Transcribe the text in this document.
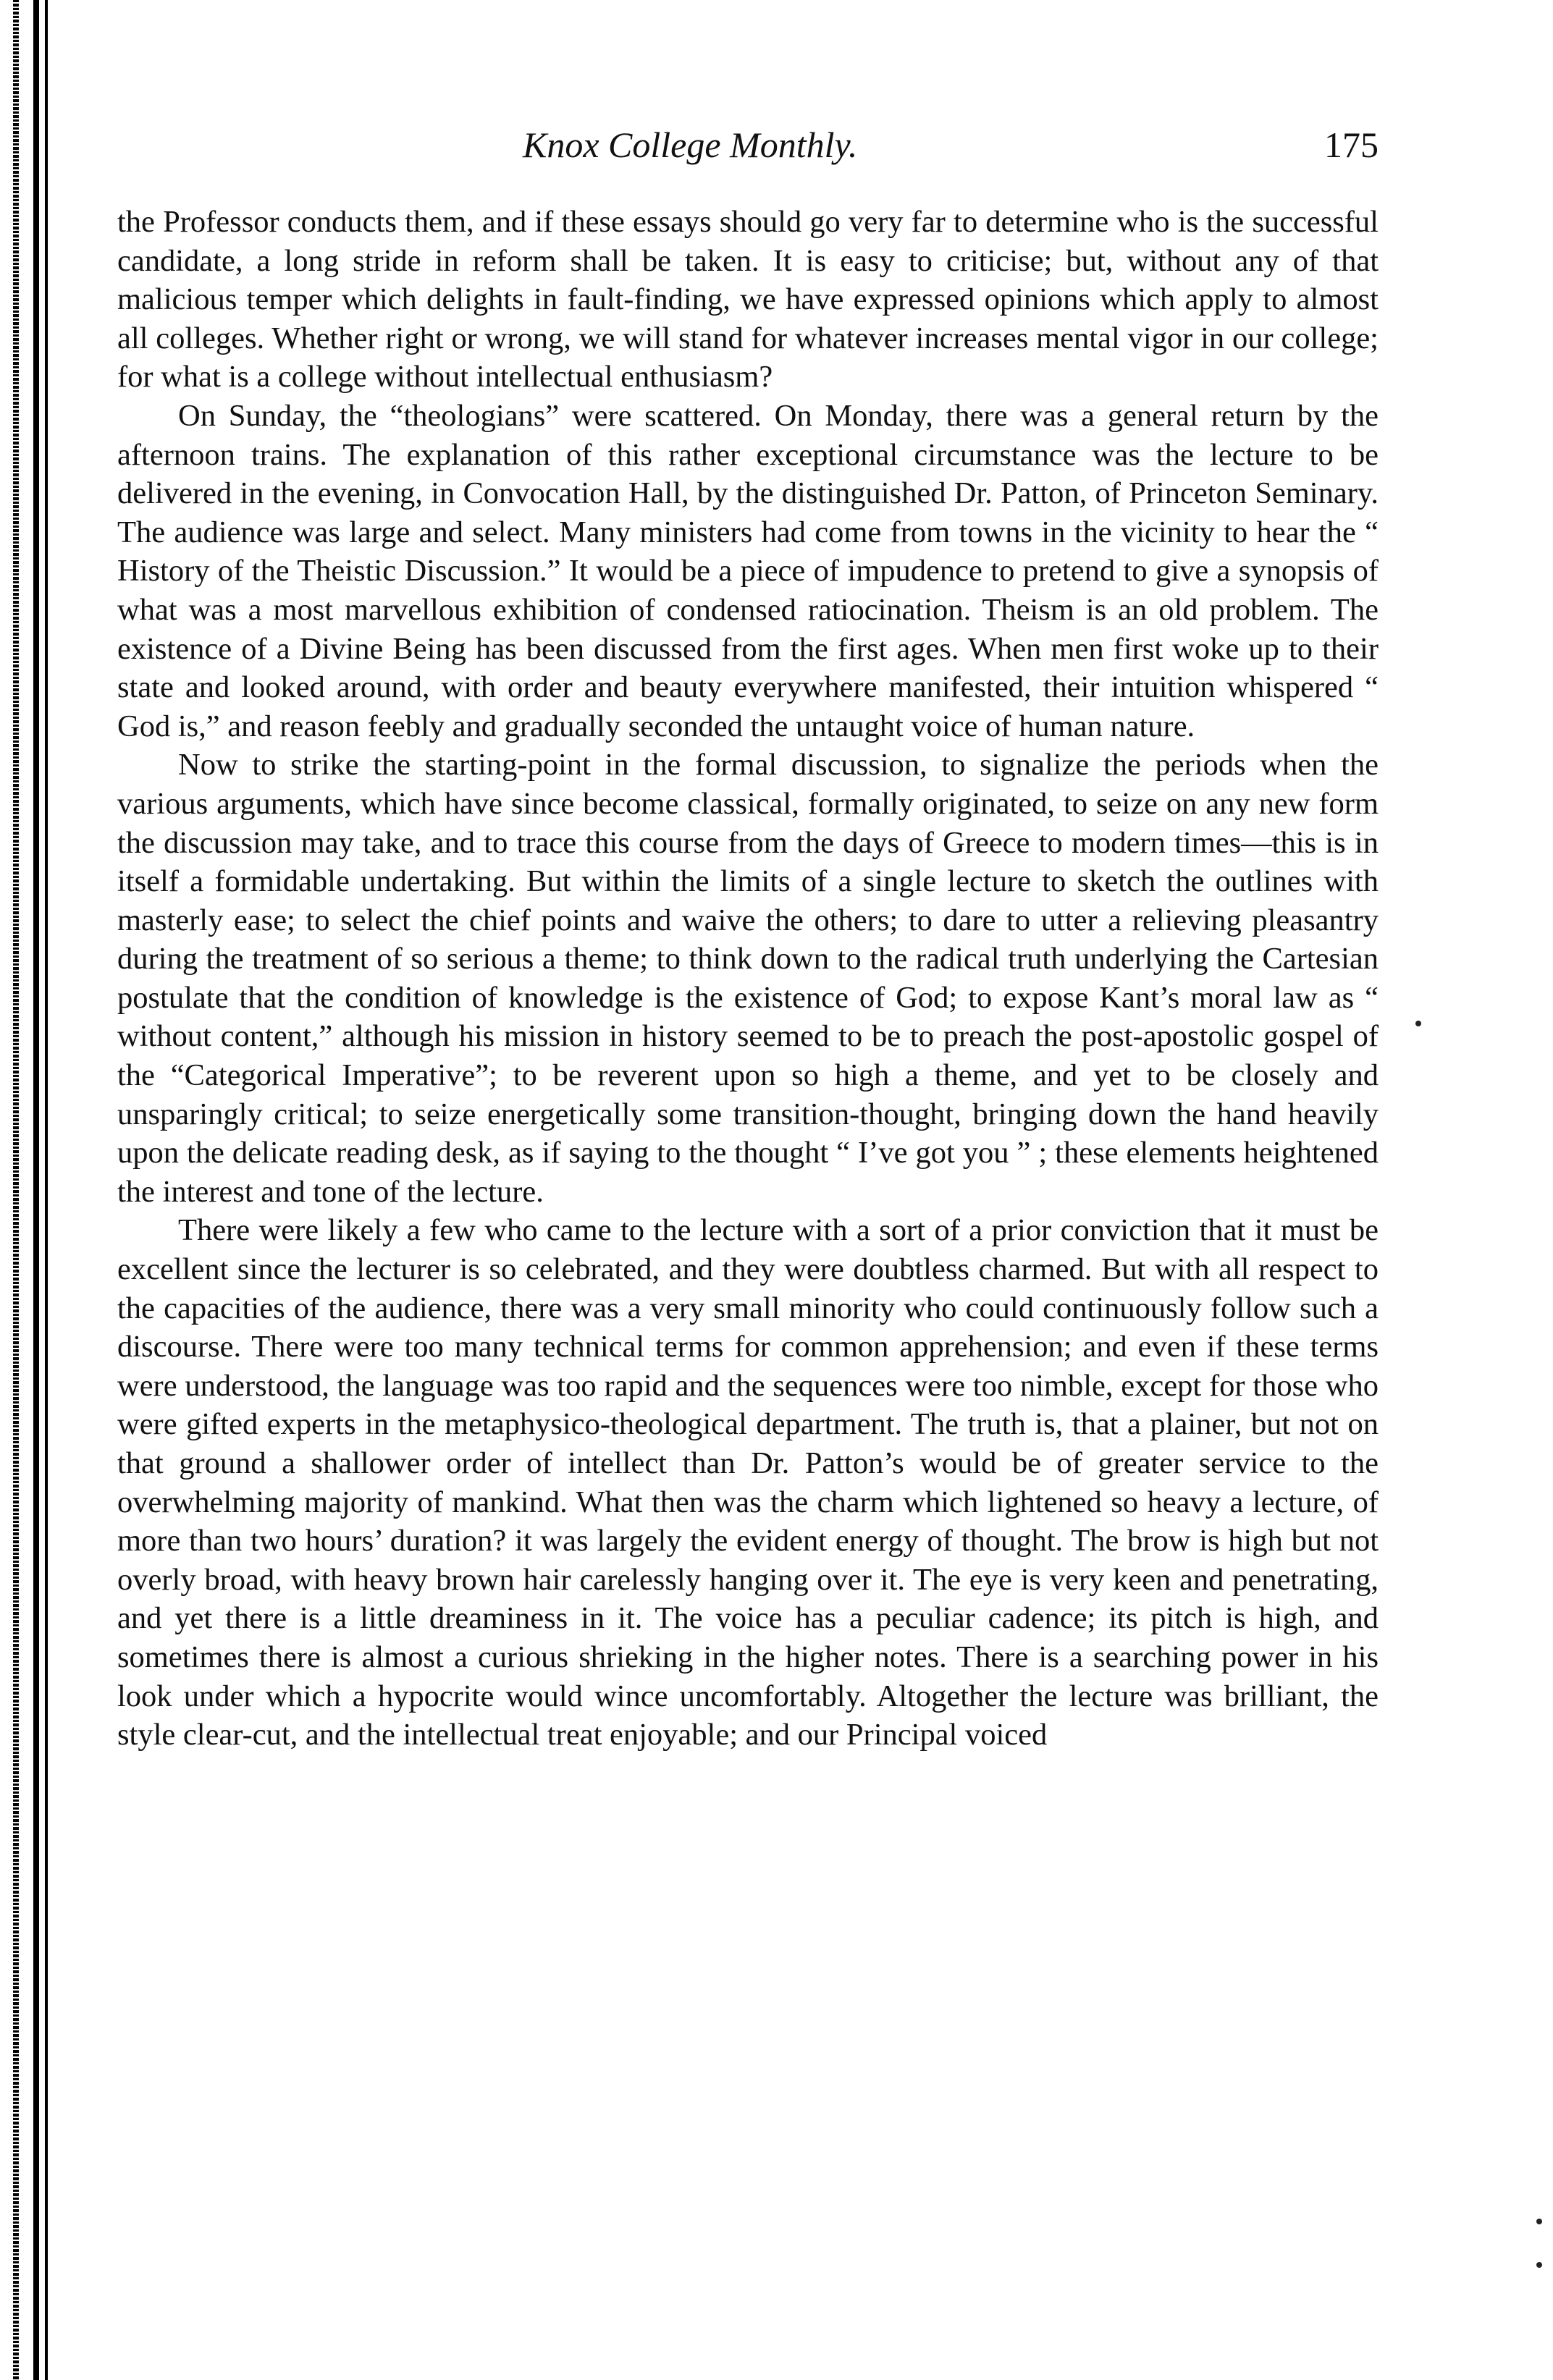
Knox College Monthly.	175

the Professor conducts them, and if these essays should go very far to determine who is the successful candidate, a long stride in reform shall be taken. It is easy to criticise; but, without any of that malicious temper which delights in fault-finding, we have expressed opinions which apply to almost all colleges. Whether right or wrong, we will stand for whatever increases mental vigor in our college; for what is a college without intellectual enthusiasm?

On Sunday, the “theologians” were scattered. On Monday, there was a general return by the afternoon trains. The explanation of this rather exceptional circumstance was the lecture to be delivered in the evening, in Convocation Hall, by the distinguished Dr. Patton, of Princeton Seminary. The audience was large and select. Many ministers had come from towns in the vicinity to hear the “ History of the Theistic Discussion.” It would be a piece of impudence to pretend to give a synopsis of what was a most marvellous exhibition of condensed ratiocination. Theism is an old problem. The existence of a Divine Being has been discussed from the first ages. When men first woke up to their state and looked around, with order and beauty everywhere manifested, their intuition whispered “ God is,” and reason feebly and gradually seconded the untaught voice of human nature.

Now to strike the starting-point in the formal discussion, to signalize the periods when the various arguments, which have since become classical, formally originated, to seize on any new form the discussion may take, and to trace this course from the days of Greece to modern times—this is in itself a formidable undertaking. But within the limits of a single lecture to sketch the outlines with masterly ease; to select the chief points and waive the others; to dare to utter a relieving pleasantry during the treatment of so serious a theme; to think down to the radical truth underlying the Cartesian postulate that the condition of knowledge is the existence of God; to expose Kant’s moral law as “ without content,” although his mission in history seemed to be to preach the post-apostolic gospel of the “Categorical Imperative”; to be reverent upon so high a theme, and yet to be closely and unsparingly critical; to seize energetically some transition-thought, bringing down the hand heavily upon the delicate reading desk, as if saying to the thought “ I’ve got you ” ; these elements heightened the interest and tone of the lecture.

There were likely a few who came to the lecture with a sort of a prior conviction that it must be excellent since the lecturer is so celebrated, and they were doubtless charmed. But with all respect to the capacities of the audience, there was a very small minority who could continuously follow such a discourse. There were too many technical terms for common apprehension; and even if these terms were understood, the language was too rapid and the sequences were too nimble, except for those who were gifted experts in the metaphysico-theological department. The truth is, that a plainer, but not on that ground a shallower order of intellect than Dr. Patton’s would be of greater service to the overwhelming majority of mankind. What then was the charm which lightened so heavy a lecture, of more than two hours’ duration? it was largely the evident energy of thought. The brow is high but not overly broad, with heavy brown hair carelessly hanging over it. The eye is very keen and penetrating, and yet there is a little dreaminess in it. The voice has a peculiar cadence; its pitch is high, and sometimes there is almost a curious shrieking in the higher notes. There is a searching power in his look under which a hypocrite would wince uncomfortably. Altogether the lecture was brilliant, the style clear-cut, and the intellectual treat enjoyable; and our Principal voiced
